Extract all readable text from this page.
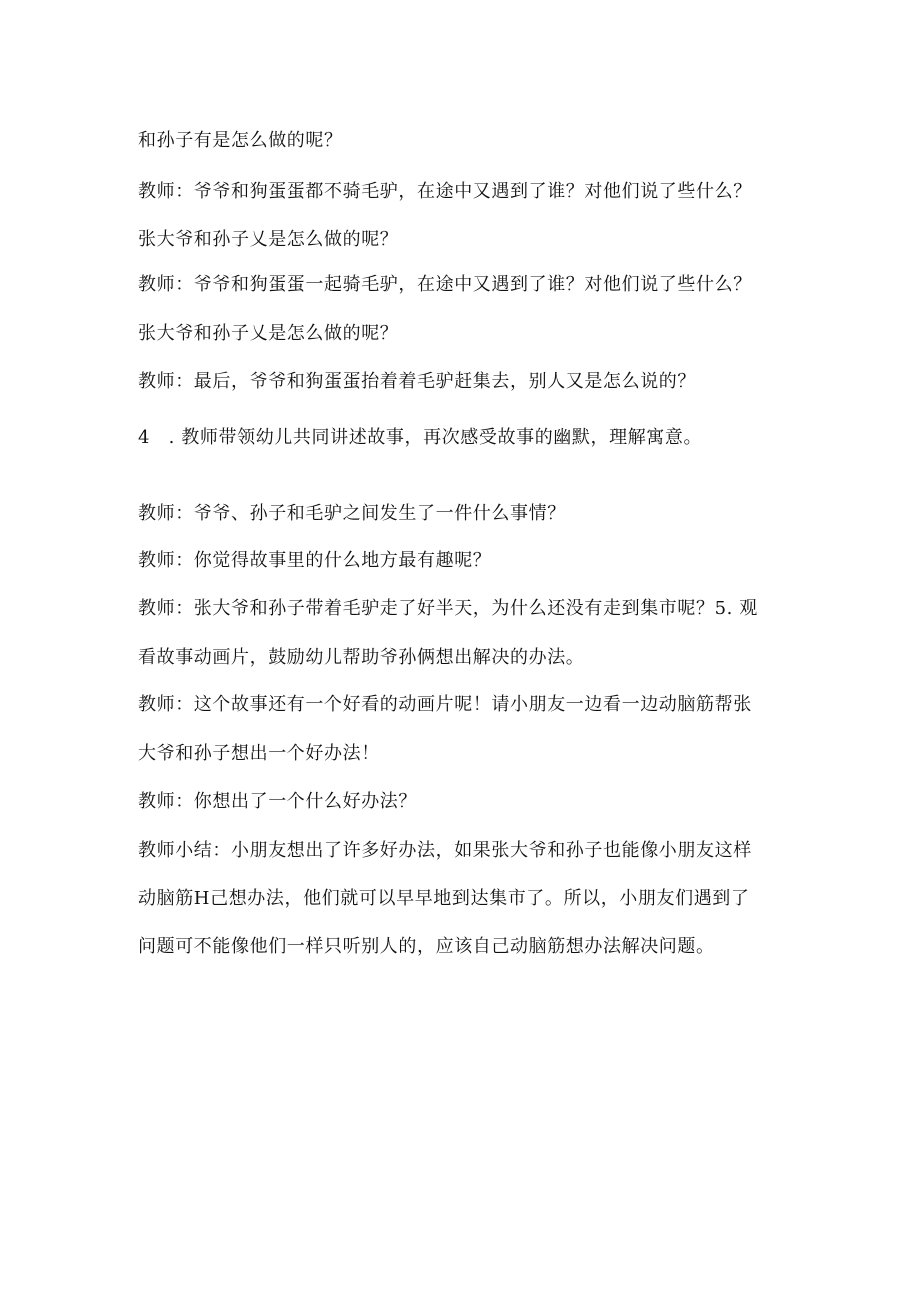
和孙子有是怎么做的呢？
教师：爷爷和狗蛋蛋都不骑毛驴，在途中又遇到了谁？对他们说了些什么？
张大爷和孙子乂是怎么做的呢？
教师：爷爷和狗蛋蛋一起骑毛驴，在途中又遇到了谁？对他们说了些什么？
张大爷和孙子乂是怎么做的呢？
教师：最后，爷爷和狗蛋蛋抬着着毛驴赶集去，别人又是怎么说的？
4　. 教师带领幼儿共同讲述故事，再次感受故事的幽默，理解寓意。
教师：爷爷、孙子和毛驴之间发生了一件什么事情？
教师：你觉得故事里的什么地方最有趣呢？
教师：张大爷和孙子带着毛驴走了好半天，为什么还没有走到集市呢？5. 观
看故事动画片，鼓励幼儿帮助爷孙俩想出解决的办法。
教师：这个故事还有一个好看的动画片呢！请小朋友一边看一边动脑筋帮张
大爷和孙子想出一个好办法！
教师：你想出了一个什么好办法？
教师小结：小朋友想出了许多好办法，如果张大爷和孙子也能像小朋友这样
动脑筋H己想办法，他们就可以早早地到达集市了。所以，小朋友们遇到了
问题可不能像他们一样只听别人的，应该自己动脑筋想办法解决问题。
